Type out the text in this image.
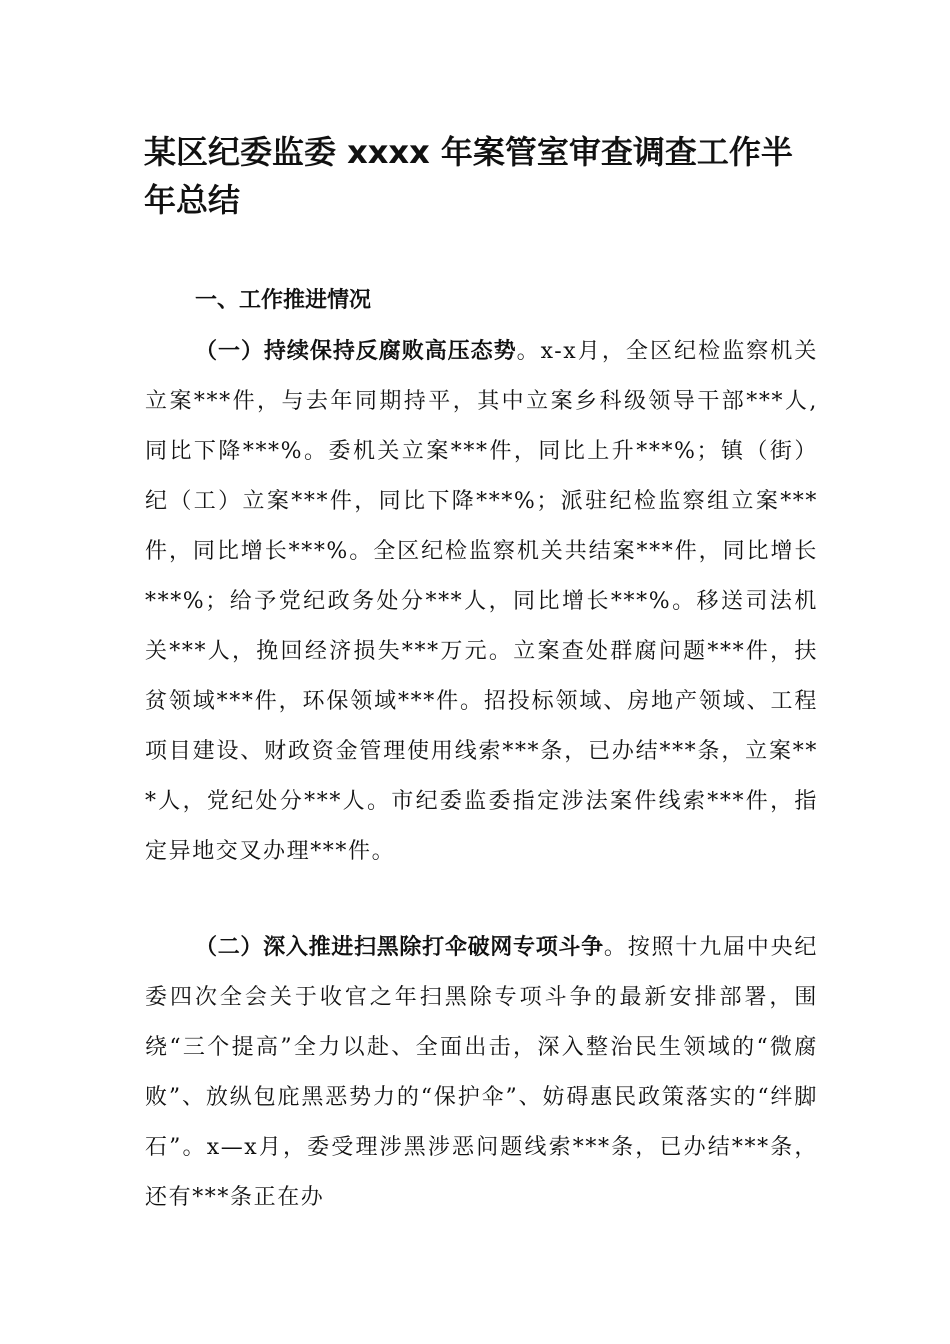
某区纪委监委 xxxx 年案管室审查调查工作半年总结
一、工作推进情况

（一）持续保持反腐败高压态势。x-x月，全区纪检监察机关立案***件，与去年同期持平，其中立案乡科级领导干部***人,同比下降***%。委机关立案***件，同比上升***%；镇（街）纪（工）立案***件，同比下降***%；派驻纪检监察组立案***件，同比增长***%。全区纪检监察机关共结案***件，同比增长***%；给予党纪政务处分***人，同比增长***%。移送司法机关***人，挽回经济损失***万元。立案查处群腐问题***件，扶贫领域***件，环保领域***件。招投标领域、房地产领域、工程项目建设、财政资金管理使用线索***条，已办结***条，立案***人，党纪处分***人。市纪委监委指定涉法案件线索***件，指定异地交叉办理***件。

（二）深入推进扫黑除打伞破网专项斗争。按照十九届中央纪委四次全会关于收官之年扫黑除专项斗争的最新安排部署，围绕“三个提高”全力以赴、全面出击，深入整治民生领域的“微腐败”、放纵包庇黑恶势力的“保护伞”、妨碍惠民政策落实的“绊脚石”。x—x月，委受理涉黑涉恶问题线索***条，已办结***条，还有***条正在办
